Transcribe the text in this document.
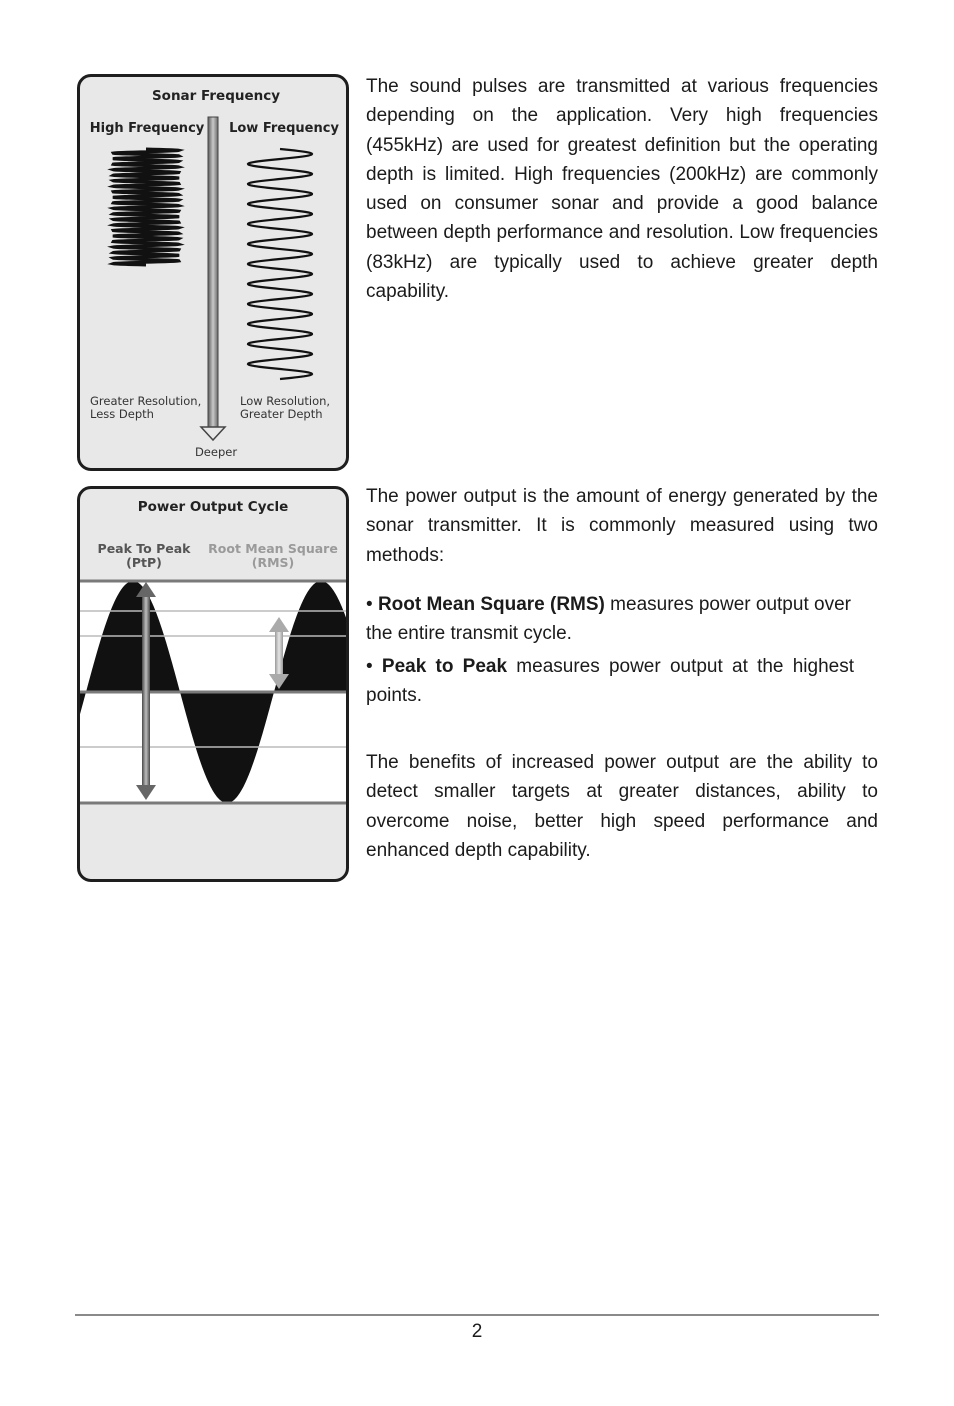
Sonar Frequency
High Frequency Low Frequency
Greater Resolution,
Less Depth
Low Resolution,
Greater Depth
Deeper
Power Output Cycle
Peak To Peak
(PtP)
Root Mean Square
(RMS)
The sound pulses are transmitted at various frequencies depending on the application. Very high frequencies (455kHz) are used for greatest definition but the operating depth is limited. High frequencies (200kHz) are commonly used on consumer sonar and provide a good balance between depth performance and resolution. Low frequencies (83kHz) are typically used to achieve greater depth capability.
The power output is the amount of energy generated by the sonar transmitter. It is commonly measured using two methods:
• Root Mean Square (RMS) measures power output over the entire transmit cycle.
• Peak to Peak measures power output at the highest points.
The benefits of increased power output are the ability to detect smaller targets at greater distances, ability to overcome noise, better high speed performance and enhanced depth capability.
2
